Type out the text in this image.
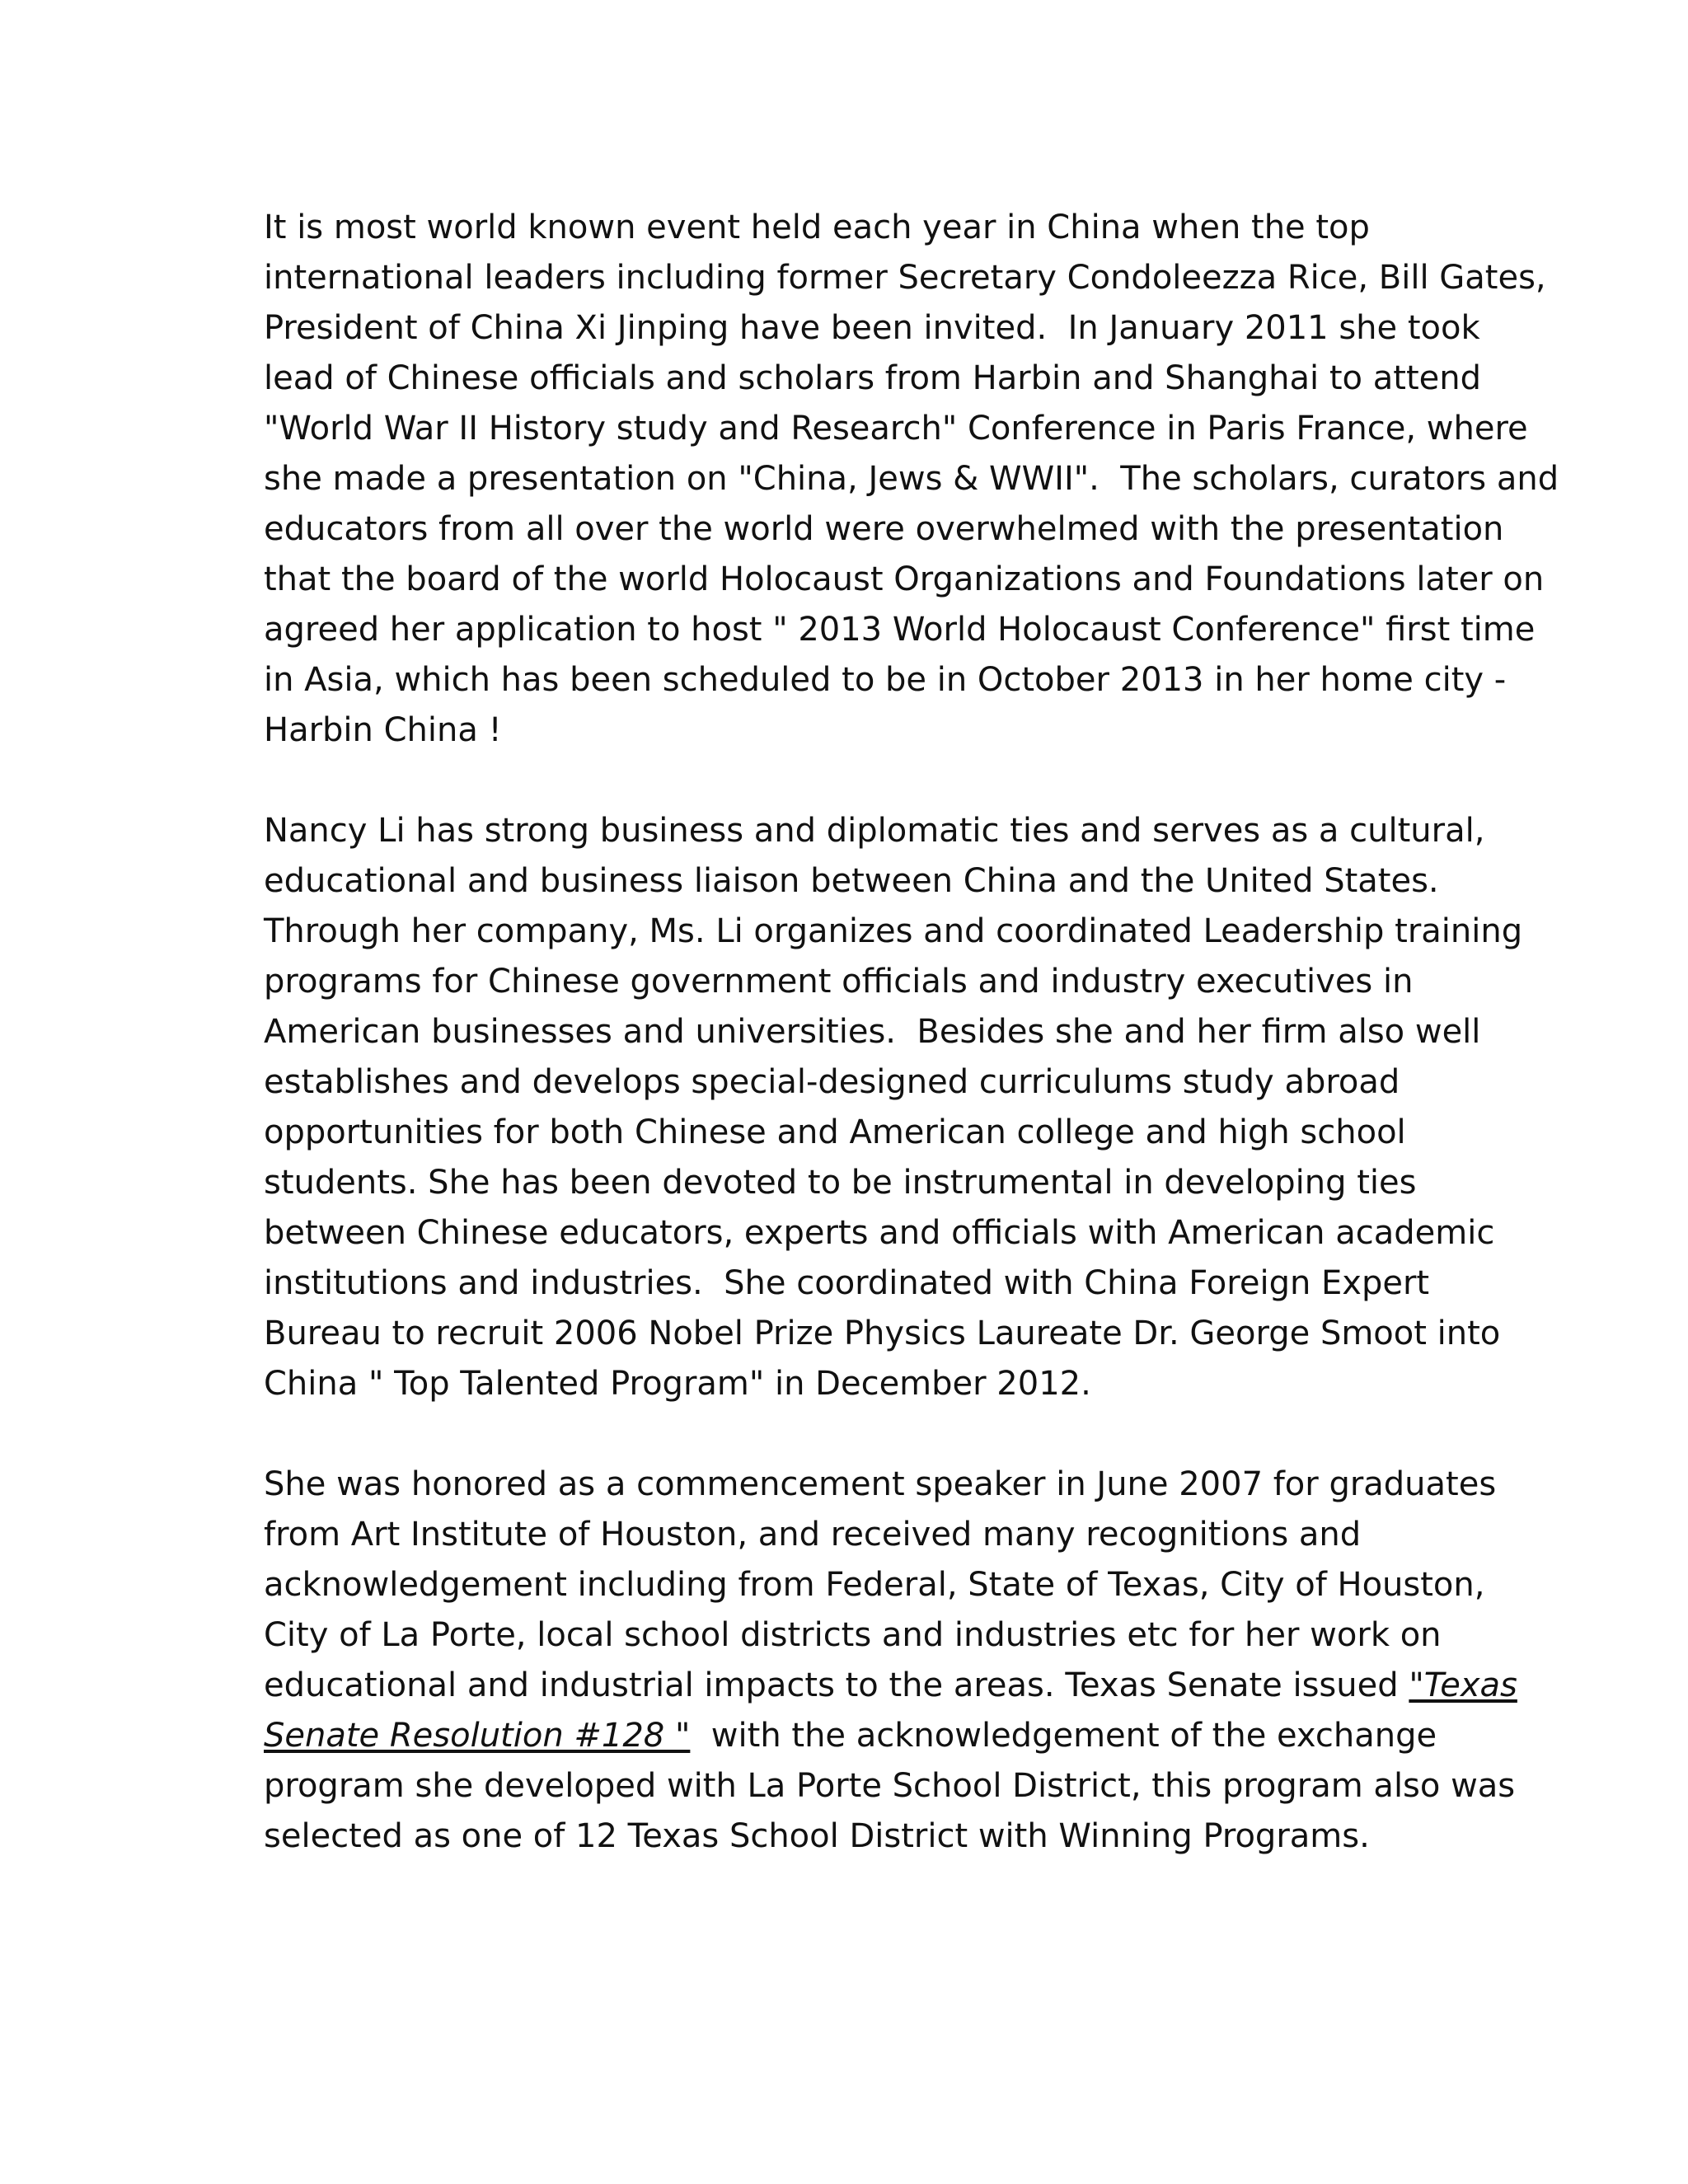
It is most world known event held each year in China when the top
international leaders including former Secretary Condoleezza Rice, Bill Gates,
President of China Xi Jinping have been invited.  In January 2011 she took
lead of Chinese officials and scholars from Harbin and Shanghai to attend
"World War II History study and Research" Conference in Paris France, where
she made a presentation on "China, Jews & WWII".  The scholars, curators and
educators from all over the world were overwhelmed with the presentation
that the board of the world Holocaust Organizations and Foundations later on
agreed her application to host " 2013 World Holocaust Conference" first time
in Asia, which has been scheduled to be in October 2013 in her home city -
Harbin China !
Nancy Li has strong business and diplomatic ties and serves as a cultural,
educational and business liaison between China and the United States.
Through her company, Ms. Li organizes and coordinated Leadership training
programs for Chinese government officials and industry executives in
American businesses and universities.  Besides she and her firm also well
establishes and develops special-designed curriculums study abroad
opportunities for both Chinese and American college and high school
students. She has been devoted to be instrumental in developing ties
between Chinese educators, experts and officials with American academic
institutions and industries.  She coordinated with China Foreign Expert
Bureau to recruit 2006 Nobel Prize Physics Laureate Dr. George Smoot into
China " Top Talented Program" in December 2012.
She was honored as a commencement speaker in June 2007 for graduates
from Art Institute of Houston, and received many recognitions and
acknowledgement including from Federal, State of Texas, City of Houston,
City of La Porte, local school districts and industries etc for her work on
educational and industrial impacts to the areas. Texas Senate issued "Texas
Senate Resolution #128 "  with the acknowledgement of the exchange
program she developed with La Porte School District, this program also was
selected as one of 12 Texas School District with Winning Programs.
